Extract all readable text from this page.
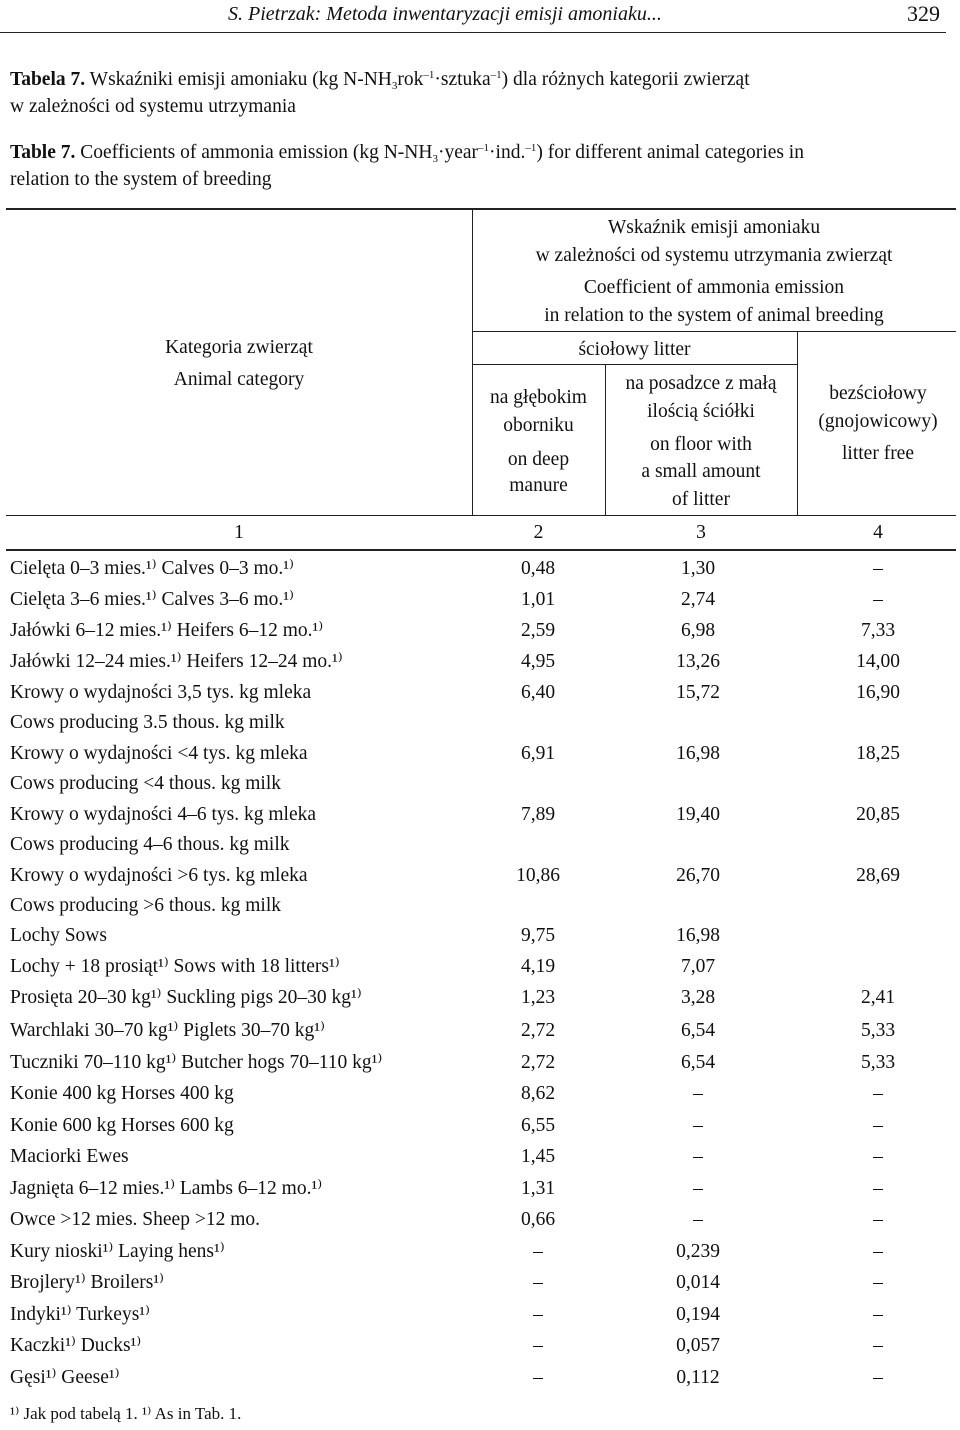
S. Pietrzak: Metoda inwentaryzacji emisji amoniaku...	329
Tabela 7. Wskaźniki emisji amoniaku (kg $N-NH_3rok^{-1}\cdot sztuka^{-1}$) dla różnych kategorii zwierząt
w zależności od systemu utrzymania
Table 7. Coefficients of ammonia emission (kg $N-NH_3\cdot year^{-1}\cdot ind.^{-1}$) for different animal categories in
relation to the system of breeding
Kategoria zwierząt
Animal category
Wskaźnik emisji amoniaku
w zależności od systemu utrzymania zwierząt
Coefficient of ammonia emission
in relation to the system of animal breeding
ściołowy litter
na głębokim
oborniku
on deep
manure
na posadzce z małą
ilością ściółki
on floor with
a small amount
of litter
bezściołowy
(gnojowicowy)
litter free
1	2	3	4
Cielęta 0–3 mies.¹⁾ Calves 0–3 mo.¹⁾	0,48	1,30	–
Cielęta 3–6 mies.¹⁾ Calves 3–6 mo.¹⁾	1,01	2,74	–
Jałówki 6–12 mies.¹⁾ Heifers 6–12 mo.¹⁾	2,59	6,98	7,33
Jałówki 12–24 mies.¹⁾ Heifers 12–24 mo.¹⁾	4,95	13,26	14,00
Krowy o wydajności 3,5 tys. kg mleka
Cows producing 3.5 thous. kg milk
6,40	15,72	16,90
Krowy o wydajności <4 tys. kg mleka
Cows producing <4 thous. kg milk
6,91	16,98	18,25
Krowy o wydajności 4–6 tys. kg mleka
Cows producing 4–6 thous. kg milk
7,89	19,40	20,85
Krowy o wydajności >6 tys. kg mleka
Cows producing >6 thous. kg milk
10,86	26,70	28,69
Lochy Sows	9,75	16,98
Lochy + 18 prosiąt¹⁾ Sows with 18 litters¹⁾	4,19	7,07
Prosięta 20–30 kg¹⁾ Suckling pigs 20–30 kg¹⁾	1,23	3,28	2,41
Warchlaki 30–70 kg¹⁾ Piglets 30–70 kg¹⁾	2,72	6,54	5,33
Tuczniki 70–110 kg¹⁾ Butcher hogs 70–110 kg¹⁾	2,72	6,54	5,33
Konie 400 kg Horses 400 kg	8,62	–	–
Konie 600 kg Horses 600 kg	6,55	–	–
Maciorki Ewes	1,45	–	–
Jagnięta 6–12 mies.¹⁾ Lambs 6–12 mo.¹⁾	1,31	–	–
Owce >12 mies. Sheep >12 mo.	0,66	–	–
Kury nioski¹⁾ Laying hens¹⁾	–	0,239	–
Brojlery¹⁾ Broilers¹⁾	–	0,014	–
Indyki¹⁾ Turkeys¹⁾	–	0,194	–
Kaczki¹⁾ Ducks¹⁾	–	0,057	–
Gęsi¹⁾ Geese¹⁾	–	0,112	–
¹⁾ Jak pod tabelą 1. ¹⁾ As in Tab. 1.
